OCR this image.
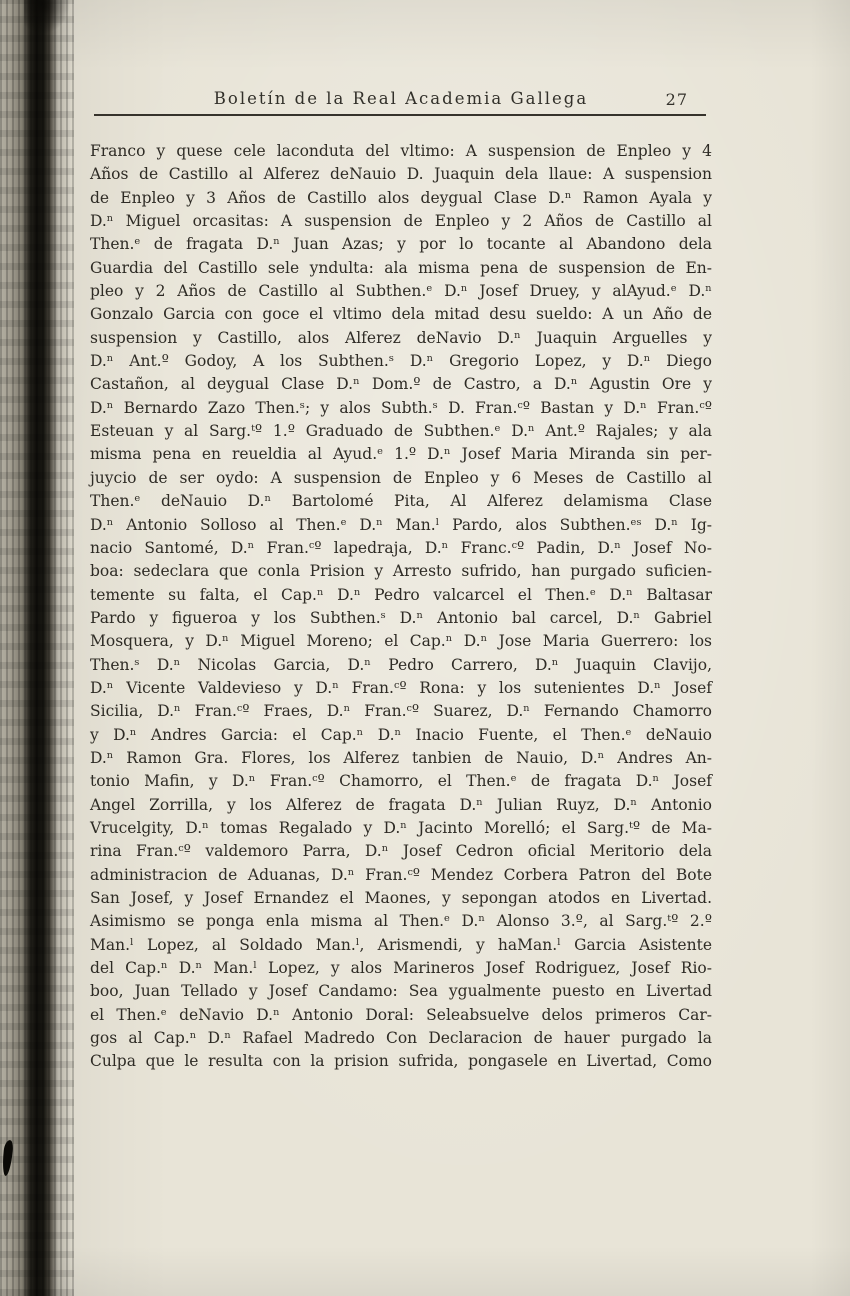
Boletín de la Real Academia Gallega	27
Franco y quese cele laconduta del vltimo: A suspension de Enpleo y 4
Años de Castillo al Alferez deNauio D. Juaquin dela llaue: A suspension
de Enpleo y 3 Años de Castillo alos deygual Clase D.ⁿ Ramon Ayala y
D.ⁿ Miguel orcasitas: A suspension de Enpleo y 2 Años de Castillo al
Then.ᵉ de fragata D.ⁿ Juan Azas; y por lo tocante al Abandono dela
Guardia del Castillo sele yndulta: ala misma pena de suspension de En-
pleo y 2 Años de Castillo al Subthen.ᵉ D.ⁿ Josef Druey, y alAyud.ᵉ D.ⁿ
Gonzalo Garcia con goce el vltimo dela mitad desu sueldo: A un Año de
suspension y Castillo, alos Alferez deNavio D.ⁿ Juaquin Arguelles y
D.ⁿ Ant.º Godoy, A los Subthen.ˢ D.ⁿ Gregorio Lopez, y D.ⁿ Diego
Castañon, al deygual Clase D.ⁿ Dom.º de Castro, a D.ⁿ Agustin Ore y
D.ⁿ Bernardo Zazo Then.ˢ; y alos Subth.ˢ D. Fran.ᶜº Bastan y D.ⁿ Fran.ᶜº
Esteuan y al Sarg.ᵗº 1.º Graduado de Subthen.ᵉ D.ⁿ Ant.º Rajales; y ala
misma pena en reueldia al Ayud.ᵉ 1.º D.ⁿ Josef Maria Miranda sin per-
juycio de ser oydo: A suspension de Enpleo y 6 Meses de Castillo al
Then.ᵉ deNauio D.ⁿ Bartolomé Pita, Al Alferez delamisma Clase
D.ⁿ Antonio Solloso al Then.ᵉ D.ⁿ Man.ˡ Pardo, alos Subthen.ᵉˢ D.ⁿ Ig-
nacio Santomé, D.ⁿ Fran.ᶜº lapedraja, D.ⁿ Franc.ᶜº Padin, D.ⁿ Josef No-
boa: sedeclara que conla Prision y Arresto sufrido, han purgado suficien-
temente su falta, el Cap.ⁿ D.ⁿ Pedro valcarcel el Then.ᵉ D.ⁿ Baltasar
Pardo y figueroa y los Subthen.ˢ D.ⁿ Antonio bal carcel, D.ⁿ Gabriel
Mosquera, y D.ⁿ Miguel Moreno; el Cap.ⁿ D.ⁿ Jose Maria Guerrero: los
Then.ˢ D.ⁿ Nicolas Garcia, D.ⁿ Pedro Carrero, D.ⁿ Juaquin Clavijo,
D.ⁿ Vicente Valdevieso y D.ⁿ Fran.ᶜº Rona: y los sutenientes D.ⁿ Josef
Sicilia, D.ⁿ Fran.ᶜº Fraes, D.ⁿ Fran.ᶜº Suarez, D.ⁿ Fernando Chamorro
y D.ⁿ Andres Garcia: el Cap.ⁿ D.ⁿ Inacio Fuente, el Then.ᵉ deNauio
D.ⁿ Ramon Gra. Flores, los Alferez tanbien de Nauio, D.ⁿ Andres An-
tonio Mafin, y D.ⁿ Fran.ᶜº Chamorro, el Then.ᵉ de fragata D.ⁿ Josef
Angel Zorrilla, y los Alferez de fragata D.ⁿ Julian Ruyz, D.ⁿ Antonio
Vrucelgity, D.ⁿ tomas Regalado y D.ⁿ Jacinto Morelló; el Sarg.ᵗº de Ma-
rina Fran.ᶜº valdemoro Parra, D.ⁿ Josef Cedron oficial Meritorio dela
administracion de Aduanas, D.ⁿ Fran.ᶜº Mendez Corbera Patron del Bote
San Josef, y Josef Ernandez el Maones, y sepongan atodos en Livertad.
Asimismo se ponga enla misma al Then.ᵉ D.ⁿ Alonso 3.º, al Sarg.ᵗº 2.º
Man.ˡ Lopez, al Soldado Man.ˡ, Arismendi, y haMan.ˡ Garcia Asistente
del Cap.ⁿ D.ⁿ Man.ˡ Lopez, y alos Marineros Josef Rodriguez, Josef Rio-
boo, Juan Tellado y Josef Candamo: Sea ygualmente puesto en Livertad
el Then.ᵉ deNavio D.ⁿ Antonio Doral: Seleabsuelve delos primeros Car-
gos al Cap.ⁿ D.ⁿ Rafael Madredo Con Declaracion de hauer purgado la
Culpa que le resulta con la prision sufrida, pongasele en Livertad, Como
